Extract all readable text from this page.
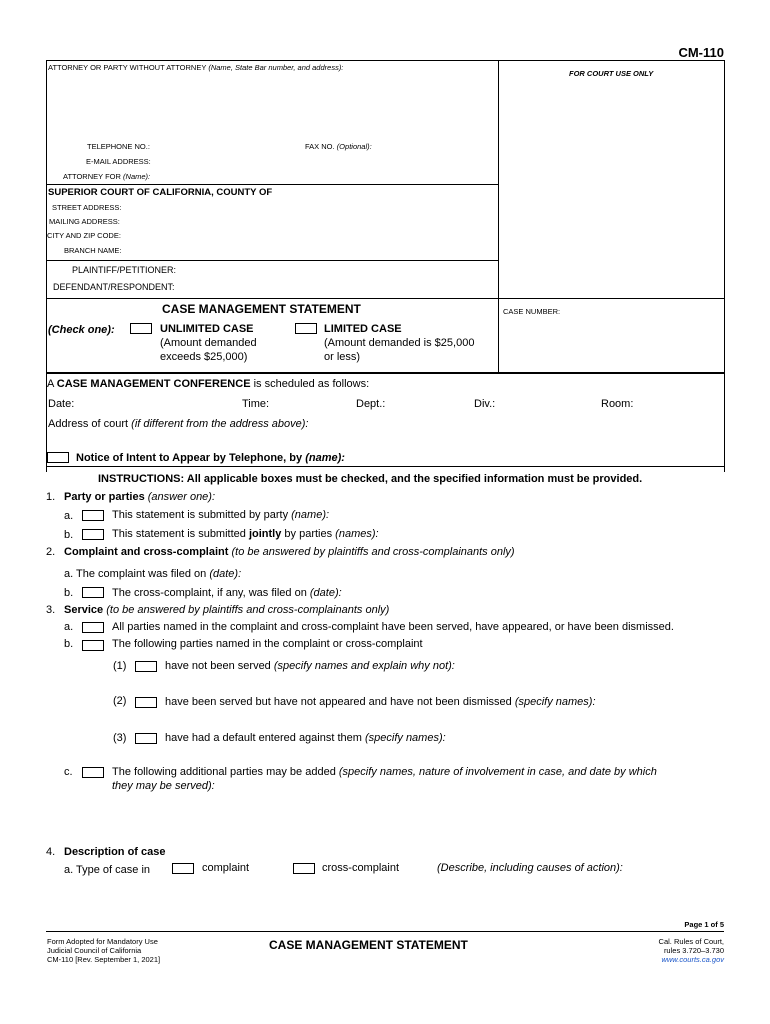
CM-110
ATTORNEY OR PARTY WITHOUT ATTORNEY (Name, State Bar number, and address):
FOR COURT USE ONLY
TELEPHONE NO.:	FAX NO. (Optional):
E-MAIL ADDRESS:
ATTORNEY FOR (Name):
SUPERIOR COURT OF CALIFORNIA, COUNTY OF
STREET ADDRESS:
MAILING ADDRESS:
CITY AND ZIP CODE:
BRANCH NAME:
PLAINTIFF/PETITIONER:
DEFENDANT/RESPONDENT:
CASE MANAGEMENT STATEMENT	CASE NUMBER:
(Check one):	UNLIMITED CASE
(Amount demanded
exceeds $25,000)
LIMITED CASE
(Amount demanded is $25,000
or less)
A CASE MANAGEMENT CONFERENCE is scheduled as follows:
Date:	Time:	Dept.:	Div.:	Room:
Address of court (if different from the address above):
Notice of Intent to Appear by Telephone, by (name):
INSTRUCTIONS: All applicable boxes must be checked, and the specified information must be provided.
1. Party or parties (answer one):
a.	This statement is submitted by party (name):
b.	This statement is submitted jointly by parties (names):
2. Complaint and cross-complaint (to be answered by plaintiffs and cross-complainants only)
a. The complaint was filed on (date):
b.	The cross-complaint, if any, was filed on (date):
3. Service (to be answered by plaintiffs and cross-complainants only)
a.	All parties named in the complaint and cross-complaint have been served, have appeared, or have been dismissed.
b.	The following parties named in the complaint or cross-complaint
(1)	have not been served (specify names and explain why not):
(2)	have been served but have not appeared and have not been dismissed (specify names):
(3)	have had a default entered against them (specify names):
c.	The following additional parties may be added (specify names, nature of involvement in case, and date by which
they may be served):
4. Description of case
a. Type of case in	complaint	cross-complaint	(Describe, including causes of action):
Page 1 of 5
Form Adopted for Mandatory Use
Judicial Council of California
CM-110 [Rev. September 1, 2021]
CASE MANAGEMENT STATEMENT	Cal. Rules of Court,
rules 3.720–3.730
www.courts.ca.gov
